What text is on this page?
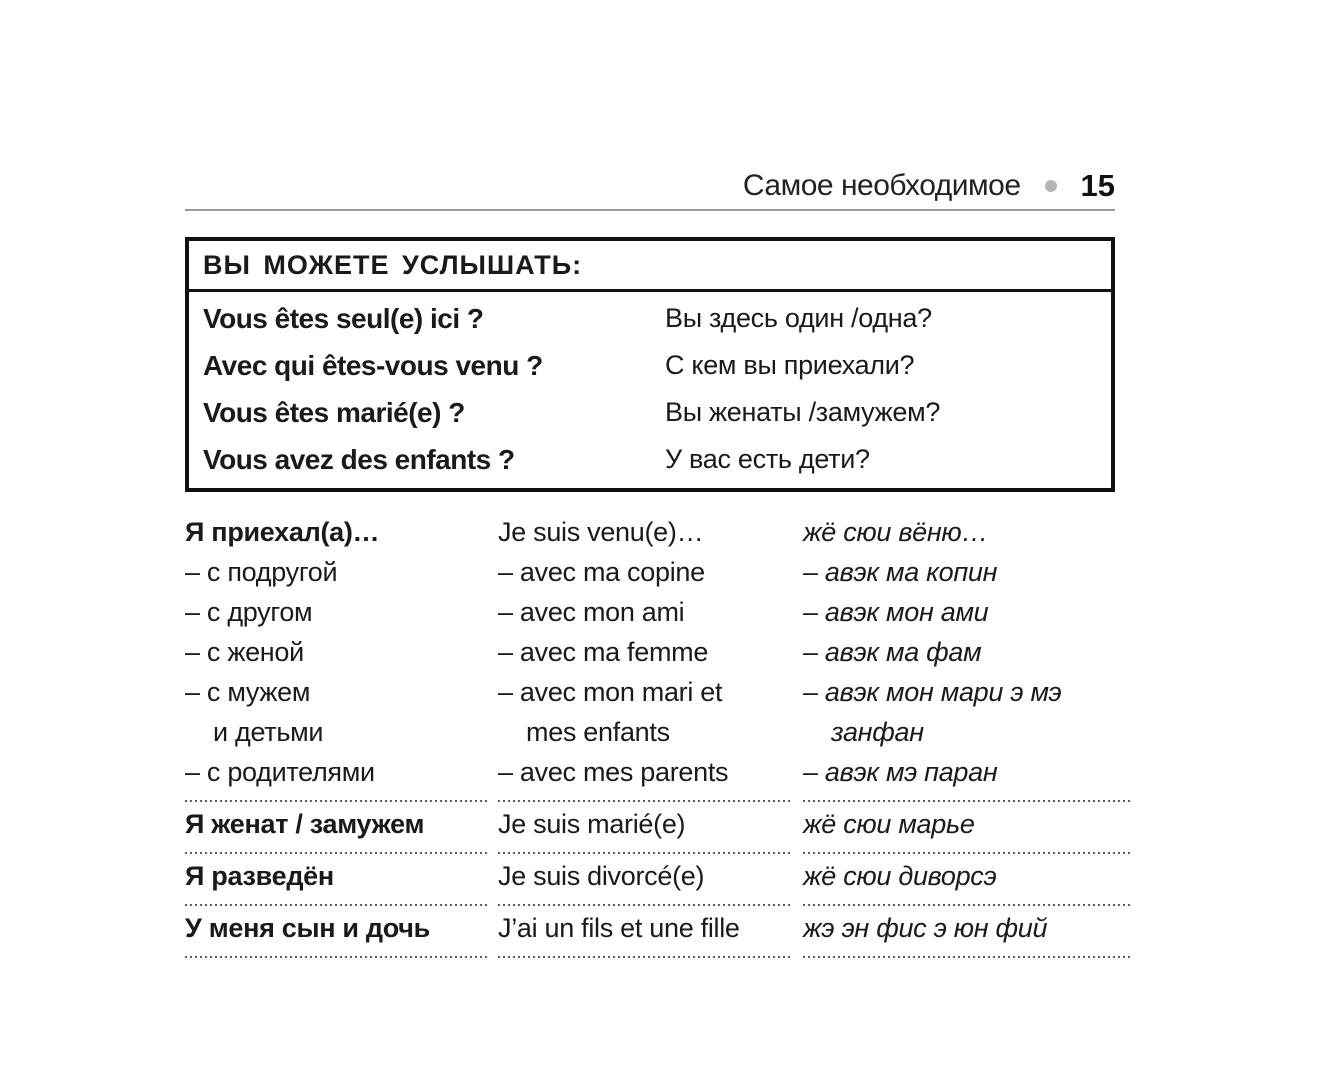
Самое необходимое 15
ВЫ МОЖЕТЕ УСЛЫШАТЬ:
Vous êtes seul(e) ici ?	Вы здесь один /одна?
Avec qui êtes-vous venu ?	С кем вы приехали?
Vous êtes marié(e) ?	Вы женаты /замужем?
Vous avez des enfants ?	У вас есть дети?
Я приехал(а)…	Je suis venu(e)…	жё сюи вёню…
– с подругой	– avec ma copine	– авэк ма копин
– с другом	– avec mon ami	– авэк мон ами
– с женой	– avec ma femme	– авэк ма фам
– с мужем	– avec mon mari et	– авэк мон мари э мэ
и детьми	mes enfants	занфан
– с родителями	– avec mes parents	– авэк мэ паран
Я женат / замужем	Je suis marié(e)	жё сюи марье
Я разведён	Je suis divorcé(e)	жё сюи диворсэ
У меня сын и дочь	J’ai un fils et une fille	жэ эн фис э юн фий
